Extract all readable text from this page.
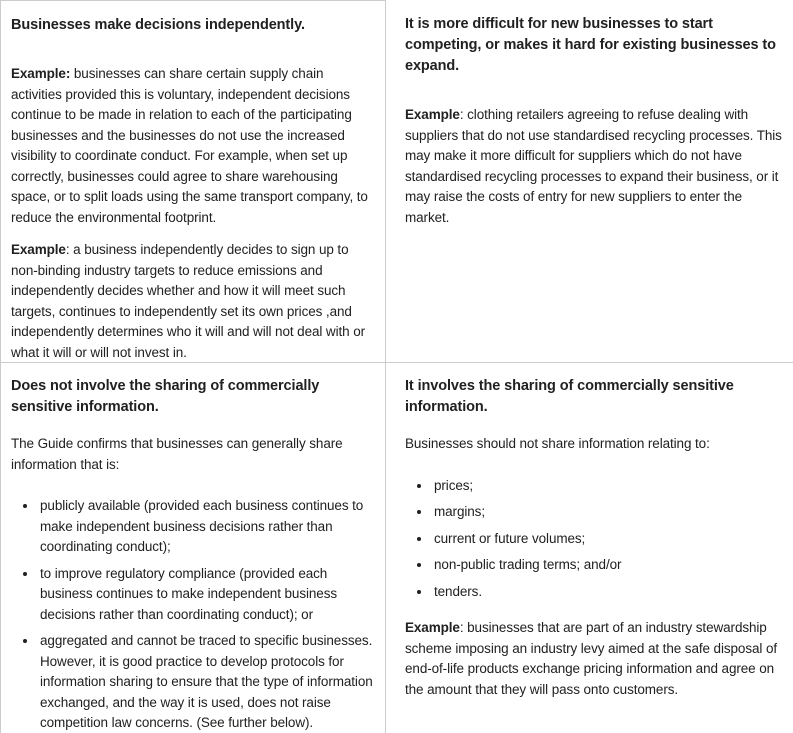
Businesses make decisions independently.

Example: businesses can share certain supply chain activities provided this is voluntary, independent decisions continue to be made in relation to each of the participating businesses and the businesses do not use the increased visibility to coordinate conduct. For example, when set up correctly, businesses could agree to share warehousing space, or to split loads using the same transport company, to reduce the environmental footprint.

Example: a business independently decides to sign up to non-binding industry targets to reduce emissions and independently decides whether and how it will meet such targets, continues to independently set its own prices ,and independently determines who it will and will not deal with or what it will or will not invest in.

It is more difficult for new businesses to start competing, or makes it hard for existing businesses to expand.

Example: clothing retailers agreeing to refuse dealing with suppliers that do not use standardised recycling processes. This may make it more difficult for suppliers which do not have standardised recycling processes to expand their business, or it may raise the costs of entry for new suppliers to enter the market.

Does not involve the sharing of commercially sensitive information.

The Guide confirms that businesses can generally share information that is:

• publicly available (provided each business continues to make independent business decisions rather than coordinating conduct);
• to improve regulatory compliance (provided each business continues to make independent business decisions rather than coordinating conduct); or
• aggregated and cannot be traced to specific businesses. However, it is good practice to develop protocols for information sharing to ensure that the type of information exchanged, and the way it is used, does not raise competition law concerns. (See further below).
It involves the sharing of commercially sensitive information.

Businesses should not share information relating to:

• prices;
• margins;
• current or future volumes;
• non-public trading terms; and/or
• tenders.

Example: businesses that are part of an industry stewardship scheme imposing an industry levy aimed at the safe disposal of end-of-life products exchange pricing information and agree on the amount that they will pass onto customers.
